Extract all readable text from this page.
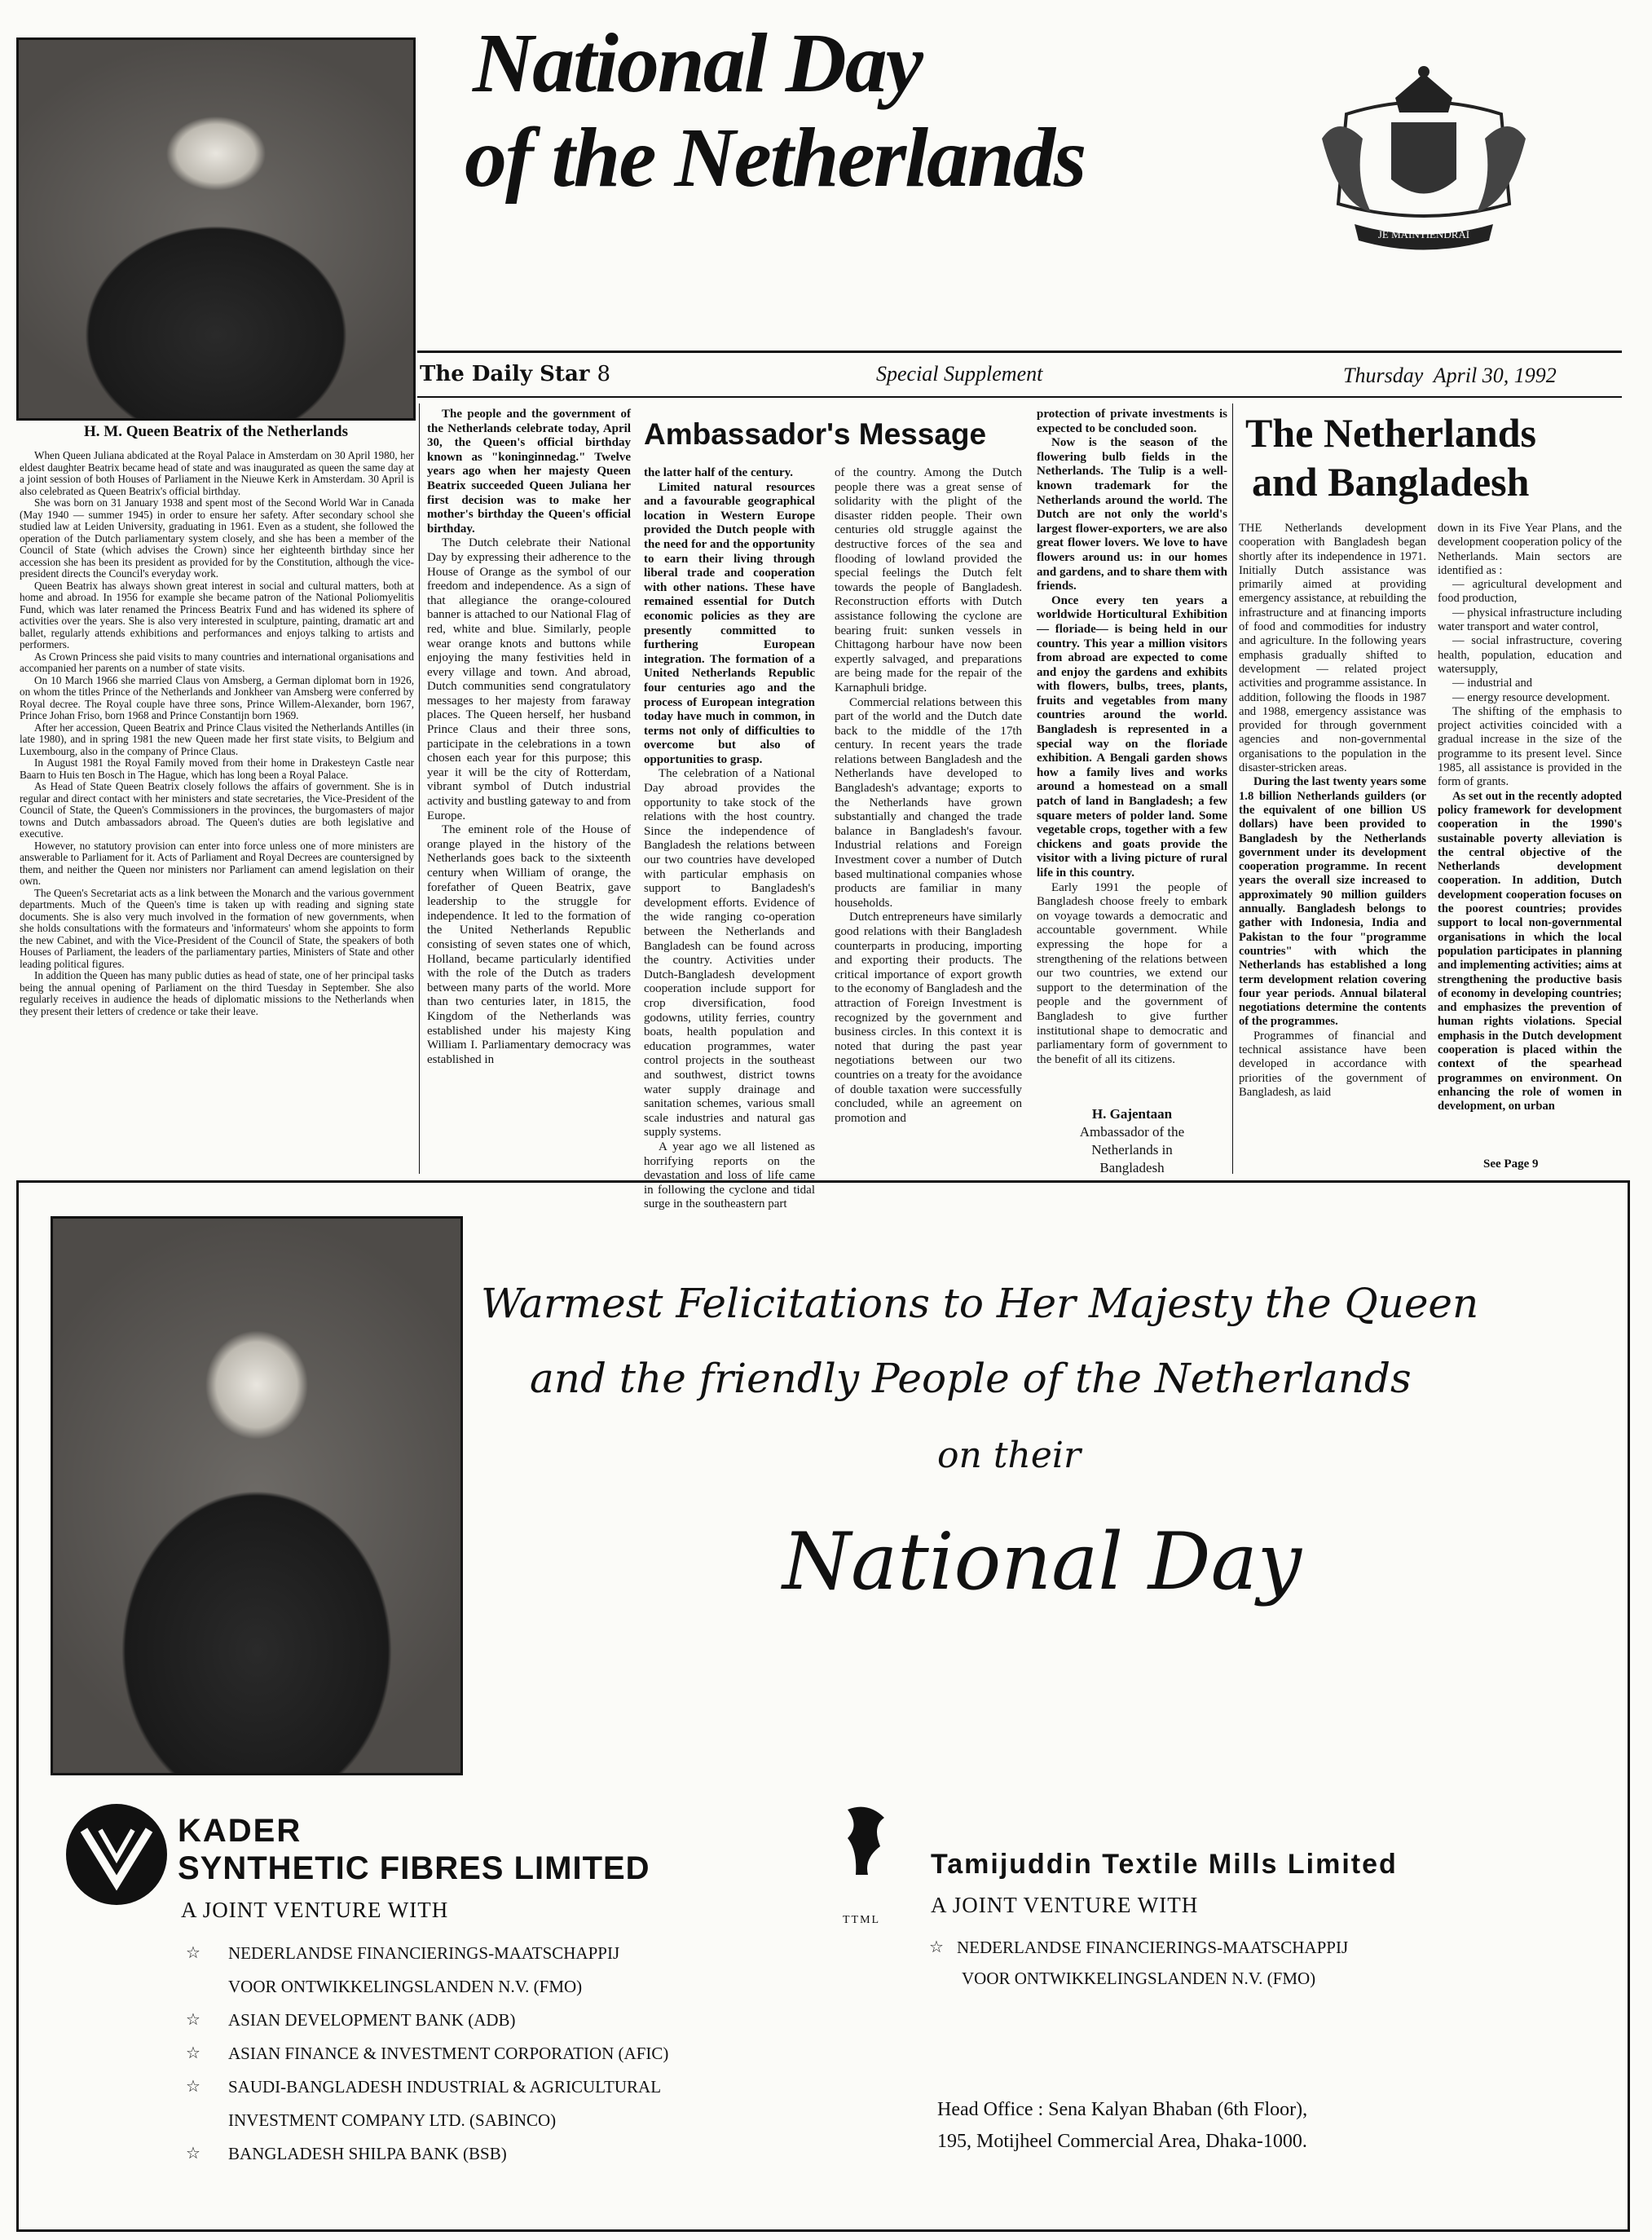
H. M. Queen Beatrix of the Netherlands
National Day
of the Netherlands
JE MAINTIENDRAI
The Daily Star 8	Special Supplement	Thursday  April 30, 1992

When Queen Juliana abdicated at the Royal Palace in Amsterdam on 30 April 1980, her eldest daughter Beatrix became head of state and was inaugurated as queen the same day at a joint session of both Houses of Parliament in the Nieuwe Kerk in Amsterdam. 30 April is also celebrated as Queen Beatrix's official birthday.

She was born on 31 January 1938 and spent most of the Second World War in Canada (May 1940 — summer 1945) in order to ensure her safety. After secondary school she studied law at Leiden University, graduating in 1961. Even as a student, she followed the operation of the Dutch parliamentary system closely, and she has been a member of the Council of State (which advises the Crown) since her eighteenth birthday since her accession she has been its president as provided for by the Constitution, although the vice-president directs the Council's everyday work.

Queen Beatrix has always shown great interest in social and cultural matters, both at home and abroad. In 1956 for example she became patron of the National Poliomyelitis Fund, which was later renamed the Princess Beatrix Fund and has widened its sphere of activities over the years. She is also very interested in sculpture, painting, dramatic art and ballet, regularly attends exhibitions and performances and enjoys talking to artists and performers.

As Crown Princess she paid visits to many countries and international organisations and accompanied her parents on a number of state visits.

On 10 March 1966 she married Claus von Amsberg, a German diplomat born in 1926, on whom the titles Prince of the Netherlands and Jonkheer van Amsberg were conferred by Royal decree. The Royal couple have three sons, Prince Willem-Alexander, born 1967, Prince Johan Friso, born 1968 and Prince Constantijn born 1969.

After her accession, Queen Beatrix and Prince Claus visited the Netherlands Antilles (in late 1980), and in spring 1981 the new Queen made her first state visits, to Belgium and Luxembourg, also in the company of Prince Claus.

In August 1981 the Royal Family moved from their home in Drakesteyn Castle near Baarn to Huis ten Bosch in The Hague, which has long been a Royal Palace.

As Head of State Queen Beatrix closely follows the affairs of government. She is in regular and direct contact with her ministers and state secretaries, the Vice-President of the Council of State, the Queen's Commissioners in the provinces, the burgomasters of major towns and Dutch ambassadors abroad. The Queen's duties are both legislative and executive.

However, no statutory provision can enter into force unless one of more ministers are answerable to Parliament for it. Acts of Parliament and Royal Decrees are countersigned by them, and neither the Queen nor ministers nor Parliament can amend legislation on their own.

The Queen's Secretariat acts as a link between the Monarch and the various government departments. Much of the Queen's time is taken up with reading and signing state documents. She is also very much involved in the formation of new governments, when she holds consultations with the formateurs and 'informateurs' whom she appoints to form the new Cabinet, and with the Vice-President of the Council of State, the speakers of both Houses of Parliament, the leaders of the parliamentary parties, Ministers of State and other leading political figures.

In addition the Queen has many public duties as head of state, one of her principal tasks being the annual opening of Parliament on the third Tuesday in September. She also regularly receives in audience the heads of diplomatic missions to the Netherlands when they present their letters of credence or take their leave.

Ambassador's Message

The people and the government of the Netherlands celebrate today, April 30, the Queen's official birthday known as "koninginnedag." Twelve years ago when her majesty Queen Beatrix succeeded Queen Juliana her first decision was to make her mother's birthday the Queen's official birthday.

The Dutch celebrate their National Day by expressing their adherence to the House of Orange as the symbol of our freedom and independence. As a sign of that allegiance the orange-coloured banner is attached to our National Flag of red, white and blue. Similarly, people wear orange knots and buttons while enjoying the many festivities held in every village and town. And abroad, Dutch communities send congratulatory messages to her majesty from faraway places. The Queen herself, her husband Prince Claus and their three sons, participate in the celebrations in a town chosen each year for this purpose; this year it will be the city of Rotterdam, vibrant symbol of Dutch industrial activity and bustling gateway to and from Europe.

The eminent role of the House of orange played in the history of the Netherlands goes back to the sixteenth century when William of orange, the forefather of Queen Beatrix, gave leadership to the struggle for independence. It led to the formation of the United Netherlands Republic consisting of seven states one of which, Holland, became particularly identified with the role of the Dutch as traders between many parts of the world. More than two centuries later, in 1815, the Kingdom of the Netherlands was established under his majesty King William I. Parliamentary democracy was established in

the latter half of the century.

Limited natural resources and a favourable geographical location in Western Europe provided the Dutch people with the need for and the opportunity to earn their living through liberal trade and cooperation with other nations. These have remained essential for Dutch economic policies as they are presently committed to furthering European integration. The formation of a United Netherlands Republic four centuries ago and the process of European integration today have much in common, in terms not only of difficulties to overcome but also of opportunities to grasp.

The celebration of a National Day abroad provides the opportunity to take stock of the relations with the host country. Since the independence of Bangladesh the relations between our two countries have developed with particular emphasis on support to Bangladesh's development efforts. Evidence of the wide ranging co-operation between the Netherlands and Bangladesh can be found across the country. Activities under Dutch-Bangladesh development cooperation include support for crop diversification, food godowns, utility ferries, country boats, health population and education programmes, water control projects in the southeast and southwest, district towns water supply drainage and sanitation schemes, various small scale industries and natural gas supply systems.

A year ago we all listened as horrifying reports on the devastation and loss of life came in following the cyclone and tidal surge in the southeastern part

of the country. Among the Dutch people there was a great sense of solidarity with the plight of the disaster ridden people. Their own centuries old struggle against the destructive forces of the sea and flooding of lowland provided the special feelings the Dutch felt towards the people of Bangladesh. Reconstruction efforts with Dutch assistance following the cyclone are bearing fruit: sunken vessels in Chittagong harbour have now been expertly salvaged, and preparations are being made for the repair of the Karnaphuli bridge.

Commercial relations between this part of the world and the Dutch date back to the middle of the 17th century. In recent years the trade relations between Bangladesh and the Netherlands have developed to Bangladesh's advantage; exports to the Netherlands have grown substantially and changed the trade balance in Bangladesh's favour. Industrial relations and Foreign Investment cover a number of Dutch based multinational companies whose products are familiar in many households.

Dutch entrepreneurs have similarly good relations with their Bangladesh counterparts in producing, importing and exporting their products. The critical importance of export growth to the economy of Bangladesh and the attraction of Foreign Investment is recognized by the government and business circles. In this context it is noted that during the past year negotiations between our two countries on a treaty for the avoidance of double taxation were successfully concluded, while an agreement on promotion and

protection of private investments is expected to be concluded soon.

Now is the season of the flowering bulb fields in the Netherlands. The Tulip is a well-known trademark for the Netherlands around the world. The Dutch are not only the world's largest flower-exporters, we are also great flower lovers. We love to have flowers around us: in our homes and gardens, and to share them with friends.

Once every ten years a worldwide Horticultural Exhibition— floriade— is being held in our country. This year a million visitors from abroad are expected to come and enjoy the gardens and exhibits with flowers, bulbs, trees, plants, fruits and vegetables from many countries around the world. Bangladesh is represented in a special way on the floriade exhibition. A Bengali garden shows how a family lives and works around a homestead on a small patch of land in Bangladesh; a few square meters of polder land. Some vegetable crops, together with a few chickens and goats provide the visitor with a living picture of rural life in this country.

Early 1991 the people of Bangladesh choose freely to embark on voyage towards a democratic and accountable government. While expressing the hope for a strengthening of the relations between our two countries, we extend our support to the determination of the people and the government of Bangladesh to give further institutional shape to democratic and parliamentary form of government to the benefit of all its citizens.

H. Gajentaan
Ambassador of the
Netherlands in
Bangladesh
The Netherlands
and Bangladesh

THE Netherlands development cooperation with Bangladesh began shortly after its independence in 1971. Initially Dutch assistance was primarily aimed at providing emergency assistance, at rebuilding the infrastructure and at financing imports of food and commodities for industry and agriculture. In the following years emphasis gradually shifted to development — related project activities and programme assistance. In addition, following the floods in 1987 and 1988, emergency assistance was provided for through government agencies and non-governmental organisations to the population in the disaster-stricken areas.

During the last twenty years some 1.8 billion Netherlands guilders (or the equivalent of one billion US dollars) have been provided to Bangladesh by the Netherlands government under its development cooperation programme. In recent years the overall size increased to approximately 90 million guilders annually. Bangladesh belongs to gather with Indonesia, India and Pakistan to the four "programme countries" with which the Netherlands has established a long term development relation covering four year periods. Annual bilateral negotiations determine the contents of the programmes.

Programmes of financial and technical assistance have been developed in accordance with priorities of the government of Bangladesh, as laid

down in its Five Year Plans, and the development cooperation policy of the Netherlands. Main sectors are identified as :

— agricultural development and food production,

— physical infrastructure including water transport and water control,

— social infrastructure, covering health, population, education and watersupply,

— industrial and

— energy resource development.

The shifting of the emphasis to project activities coincided with a gradual increase in the size of the programme to its present level. Since 1985, all assistance is provided in the form of grants.

As set out in the recently adopted policy framework for development cooperation in the 1990's sustainable poverty alleviation is the central objective of the Netherlands development cooperation. In addition, Dutch development cooperation focuses on the poorest countries; provides support to local non-governmental organisations in which the local population participates in planning and implementing activities; aims at strengthening the productive basis of economy in developing countries; and emphasizes the prevention of human rights violations. Special emphasis in the Dutch development cooperation is placed within the context of the spearhead programmes on environment. On enhancing the role of women in development, on urban

See Page 9
Warmest Felicitations to Her Majesty the Queen
and the friendly People of the Netherlands
on their
National Day
KADER
SYNTHETIC FIBRES LIMITED
A JOINT VENTURE WITH
☆ NEDERLANDSE FINANCIERINGS-MAATSCHAPPIJ
VOOR ONTWIKKELINGSLANDEN N.V. (FMO)
☆ ASIAN DEVELOPMENT BANK (ADB)
☆ ASIAN FINANCE & INVESTMENT CORPORATION (AFIC)
☆ SAUDI-BANGLADESH INDUSTRIAL & AGRICULTURAL
INVESTMENT COMPANY LTD. (SABINCO)
☆ BANGLADESH SHILPA BANK (BSB)
TTML
Tamijuddin Textile Mills Limited
A JOINT VENTURE WITH
☆ NEDERLANDSE FINANCIERINGS-MAATSCHAPPIJ
VOOR ONTWIKKELINGSLANDEN N.V. (FMO)
Head Office : Sena Kalyan Bhaban (6th Floor),
195, Motijheel Commercial Area, Dhaka-1000.
